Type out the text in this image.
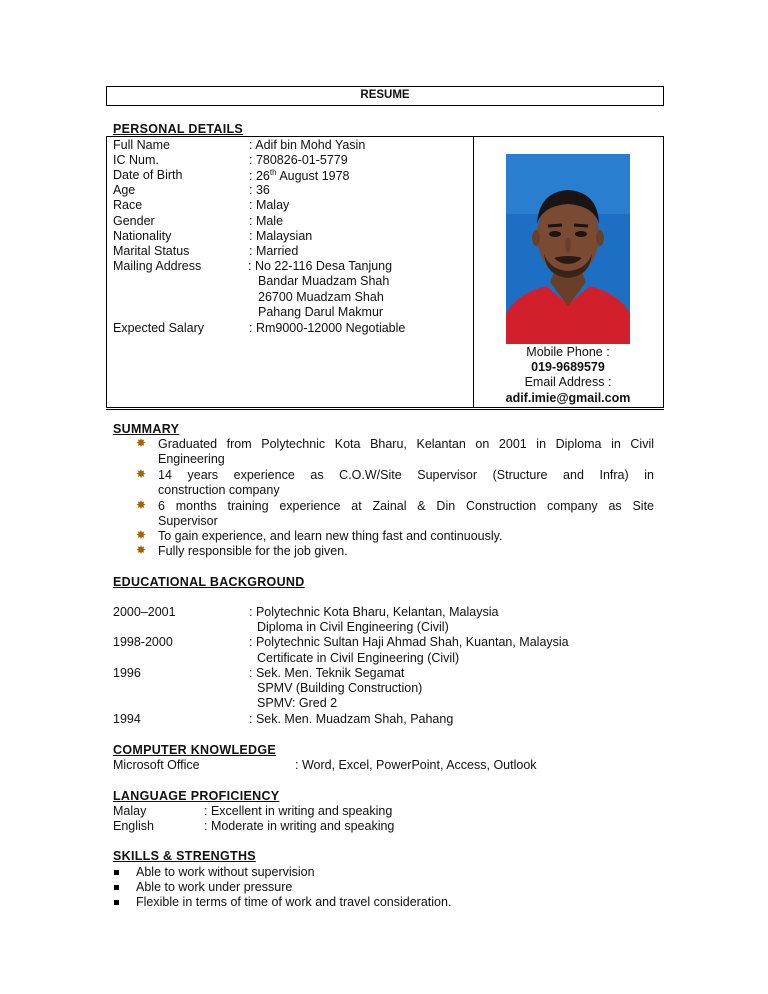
RESUME
PERSONAL DETAILS
Full Name	: Adif bin Mohd Yasin
IC Num.	: 780826-01-5779
Date of Birth	: 26th August 1978
Age	: 36
Race	: Malay
Gender	: Male
Nationality	: Malaysian
Marital Status	: Married
Mailing Address	: No 22-116 Desa Tanjung
Bandar Muadzam Shah
26700 Muadzam Shah
Pahang Darul Makmur
Expected Salary	: Rm9000-12000 Negotiable
Mobile Phone :
019-9689579
Email Address :
adif.imie@gmail.com
SUMMARY
✸ Graduated from Polytechnic Kota Bharu, Kelantan on 2001 in Diploma in Civil
Engineering
✸ 14 years experience as C.O.W/Site Supervisor (Structure and Infra) in
construction company
✸ 6 months training experience at Zainal & Din Construction company as Site
Supervisor
✸ To gain experience, and learn new thing fast and continuously.
✸ Fully responsible for the job given.
EDUCATIONAL BACKGROUND
2000–2001	: Polytechnic Kota Bharu, Kelantan, Malaysia
Diploma in Civil Engineering (Civil)
1998-2000	: Polytechnic Sultan Haji Ahmad Shah, Kuantan, Malaysia
Certificate in Civil Engineering (Civil)
1996	: Sek. Men. Teknik Segamat
SPMV (Building Construction)
SPMV: Gred 2
1994	: Sek. Men. Muadzam Shah, Pahang
COMPUTER KNOWLEDGE
Microsoft Office	: Word, Excel, PowerPoint, Access, Outlook
LANGUAGE PROFICIENCY
Malay	: Excellent in writing and speaking
English	: Moderate in writing and speaking
SKILLS & STRENGTHS
Able to work without supervision
Able to work under pressure
Flexible in terms of time of work and travel consideration.
